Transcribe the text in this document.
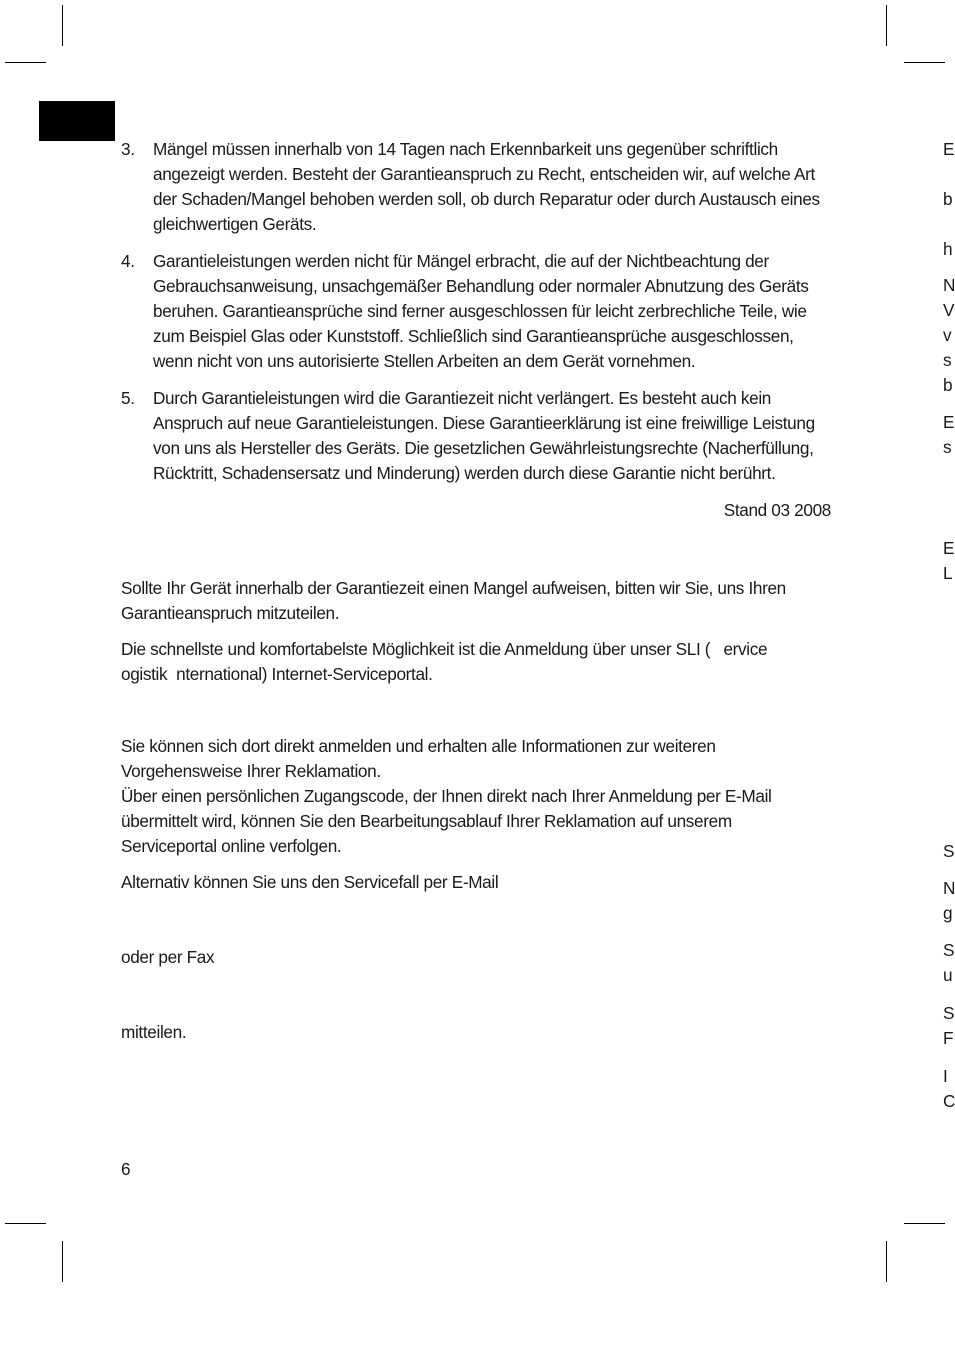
3. Mängel müssen innerhalb von 14 Tagen nach Erkennbarkeit uns gegenüber schriftlich angezeigt werden. Besteht der Garantieanspruch zu Recht, entscheiden wir, auf welche Art der Schaden/Mangel behoben werden soll, ob durch Reparatur oder durch Austausch eines gleichwertigen Geräts.

4. Garantieleistungen werden nicht für Mängel erbracht, die auf der Nichtbeachtung der Gebrauchsanweisung, unsachgemäßer Behandlung oder normaler Abnutzung des Geräts beruhen. Garantieansprüche sind ferner ausgeschlossen für leicht zerbrechliche Teile, wie zum Beispiel Glas oder Kunststoff. Schließlich sind Garantieansprüche ausgeschlossen, wenn nicht von uns autorisierte Stellen Arbeiten an dem Gerät vornehmen.

5. Durch Garantieleistungen wird die Garantiezeit nicht verlängert. Es besteht auch kein Anspruch auf neue Garantieleistungen. Diese Garantieerklärung ist eine freiwillige Leistung von uns als Hersteller des Geräts. Die gesetzlichen Gewährleistungsrechte (Nacherfüllung, Rücktritt, Schadensersatz und Minderung) werden durch diese Garantie nicht berührt.

Stand 03 2008

Sollte Ihr Gerät innerhalb der Garantiezeit einen Mangel aufweisen, bitten wir Sie, uns Ihren Garantieanspruch mitzuteilen.

Die schnellste und komfortabelste Möglichkeit ist die Anmeldung über unser SLI (   ervice    ogistik  nternational) Internet-Serviceportal.

Sie können sich dort direkt anmelden und erhalten alle Informationen zur weiteren Vorgehensweise Ihrer Reklamation.

Über einen persönlichen Zugangscode, der Ihnen direkt nach Ihrer Anmeldung per E-Mail übermittelt wird, können Sie den Bearbeitungsablauf Ihrer Reklamation auf unserem Serviceportal online verfolgen.

Alternativ können Sie uns den Servicefall per E-Mail

oder per Fax

mitteilen.

6
E
b
h
N
V
v
s
b
E
s
E
L
S
N
g
S
u
S
F
I
C
